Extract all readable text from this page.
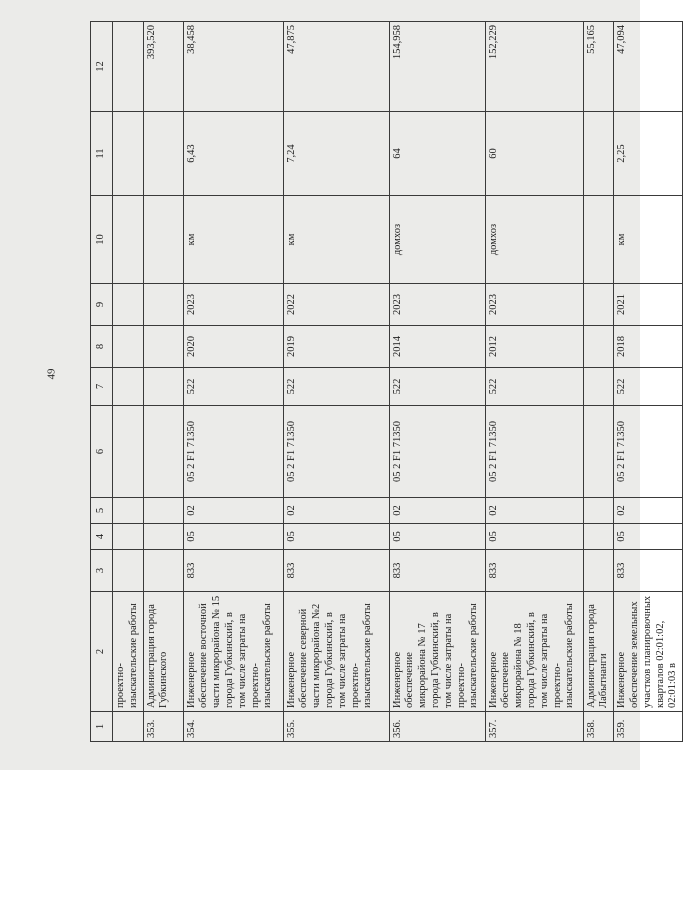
49
1	2	3	4	5	6	7	8	9	10	11	12
	проектно-изыскательские работы										
353.	Администрация города Губкинского										393,520
354.	Инженерное обеспечение восточной части микрорайона № 15 города Губкинский, в том числе затраты на проектно-изыскательские работы	833	05	02	05 2 F1 71350	522	2020	2023	км	6,43	38,458
355.	Инженерное обеспечение северной части микрорайона №2 города Губкинский, в том числе затраты на проектно-изыскательские работы	833	05	02	05 2 F1 71350	522	2019	2022	км	7,24	47,875
356.	Инженерное обеспечение микрорайона № 17 города Губкинский, в том числе затраты на проектно-изыскательские работы	833	05	02	05 2 F1 71350	522	2014	2023	домхоз	64	154,958
357.	Инженерное обеспечение микрорайона № 18 города Губкинский, в том числе затраты на проектно-изыскательские работы	833	05	02	05 2 F1 71350	522	2012	2023	домхоз	60	152,229
358.	Администрация города Лабытнанги										55,165
359.	Инженерное обеспечение земельных участков планировочных кварталов 02:01:02, 02:01:03 в	833	05	02	05 2 F1 71350	522	2018	2021	км	2,25	47,094
